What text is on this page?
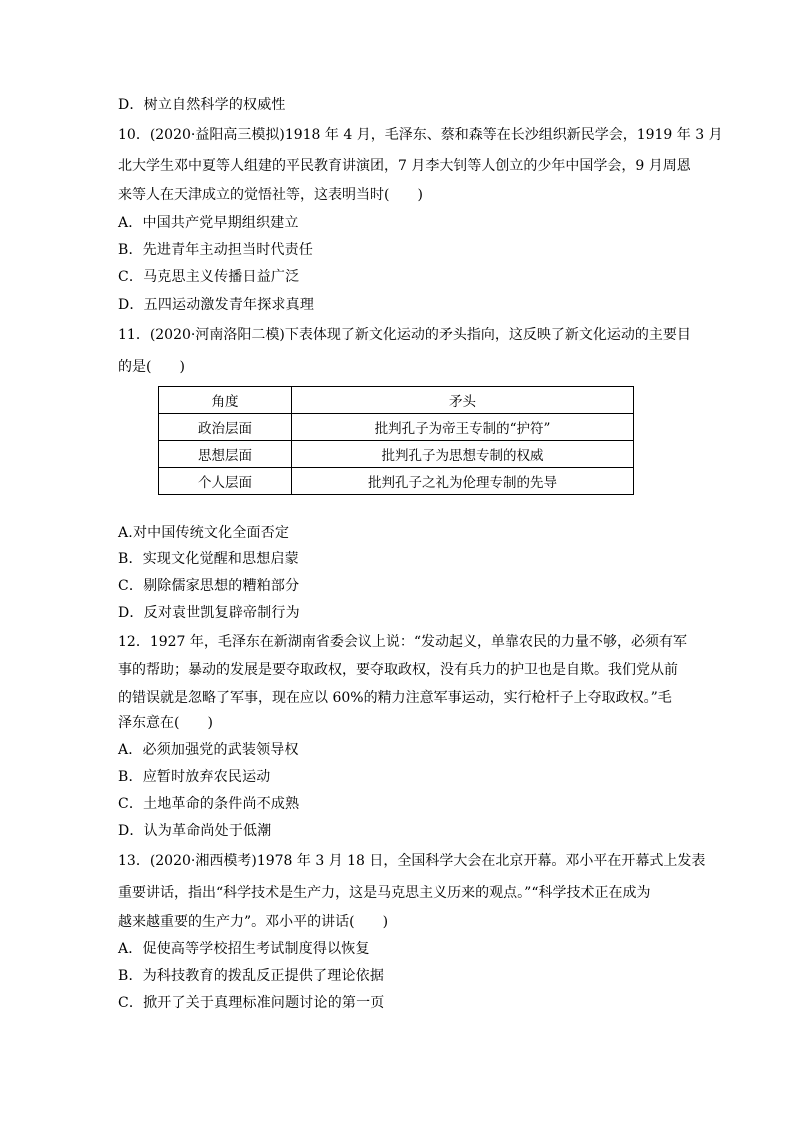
D．树立自然科学的权威性
10．(2020·益阳高三模拟)1918 年 4 月，毛泽东、蔡和森等在长沙组织新民学会，1919 年 3 月
北大学生邓中夏等人组建的平民教育讲演团，7 月李大钊等人创立的少年中国学会，9 月周恩
来等人在天津成立的觉悟社等，这表明当时(　　)
A．中国共产党早期组织建立
B．先进青年主动担当时代责任
C．马克思主义传播日益广泛
D．五四运动激发青年探求真理
11．(2020·河南洛阳二模)下表体现了新文化运动的矛头指向，这反映了新文化运动的主要目
的是(　　)
角度	矛头
政治层面	批判孔子为帝王专制的“护符”
思想层面	批判孔子为思想专制的权威
个人层面	批判孔子之礼为伦理专制的先导
A.对中国传统文化全面否定
B．实现文化觉醒和思想启蒙
C．剔除儒家思想的糟粕部分
D．反对袁世凯复辟帝制行为
12．1927 年，毛泽东在新湖南省委会议上说：“发动起义，单靠农民的力量不够，必须有军
事的帮助；暴动的发展是要夺取政权，要夺取政权，没有兵力的护卫也是自欺。我们党从前
的错误就是忽略了军事，现在应以 60%的精力注意军事运动，实行枪杆子上夺取政权。”毛
泽东意在(　　)
A．必须加强党的武装领导权
B．应暂时放弃农民运动
C．土地革命的条件尚不成熟
D．认为革命尚处于低潮
13．(2020·湘西模考)1978 年 3 月 18 日，全国科学大会在北京开幕。邓小平在开幕式上发表
重要讲话，指出“科学技术是生产力，这是马克思主义历来的观点。”“科学技术正在成为
越来越重要的生产力”。邓小平的讲话(　　)
A．促使高等学校招生考试制度得以恢复
B．为科技教育的拨乱反正提供了理论依据
C．掀开了关于真理标准问题讨论的第一页
